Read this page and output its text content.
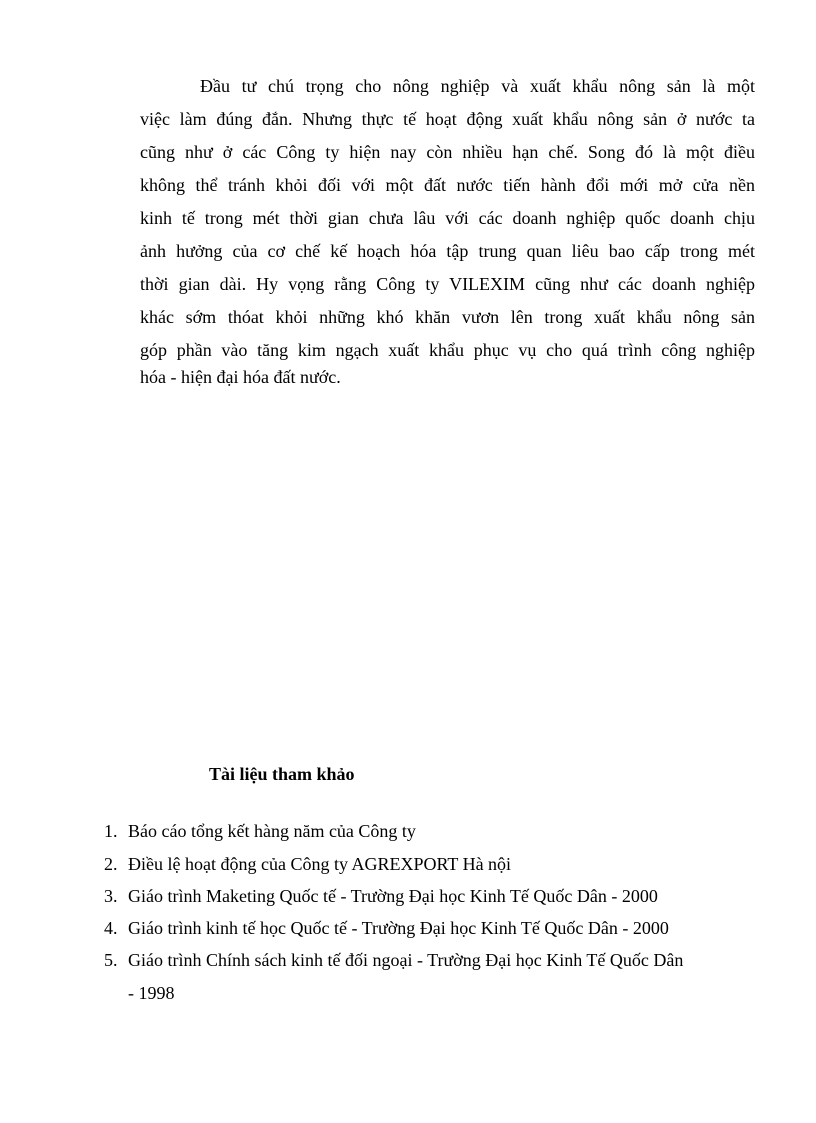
Đầu tư chú trọng cho nông nghiệp và xuất khẩu nông sản là một
việc làm đúng đắn. Nhưng thực tế hoạt động xuất khẩu nông sản ở nước ta
cũng như ở các Công ty hiện nay còn nhiều hạn chế. Song đó là một điều
không thể tránh khỏi đối với một đất nước tiến hành đổi mới mở cửa nền
kinh tế trong mét thời gian chưa lâu với các doanh nghiệp quốc doanh chịu
ảnh hưởng của cơ chế kế hoạch hóa tập trung quan liêu bao cấp trong mét
thời gian dài. Hy vọng rằng Công ty VILEXIM cũng như các doanh nghiệp
khác sớm thóat khỏi những khó khăn vươn lên trong xuất khẩu nông sản
góp phần vào tăng kim ngạch xuất khẩu phục vụ cho quá trình công nghiệp
hóa - hiện đại hóa đất nước.
Tài liệu tham khảo
1. Báo cáo tổng kết hàng năm của Công ty
2. Điều lệ hoạt động của Công ty AGREXPORT Hà nội
3. Giáo trình Maketing Quốc tế - Trường Đại học Kinh Tế Quốc Dân - 2000
4. Giáo trình kinh tế học Quốc tế - Trường Đại học Kinh Tế Quốc Dân - 2000
5. Giáo trình Chính sách kinh tế đối ngoại - Trường Đại học Kinh Tế Quốc Dân
- 1998
